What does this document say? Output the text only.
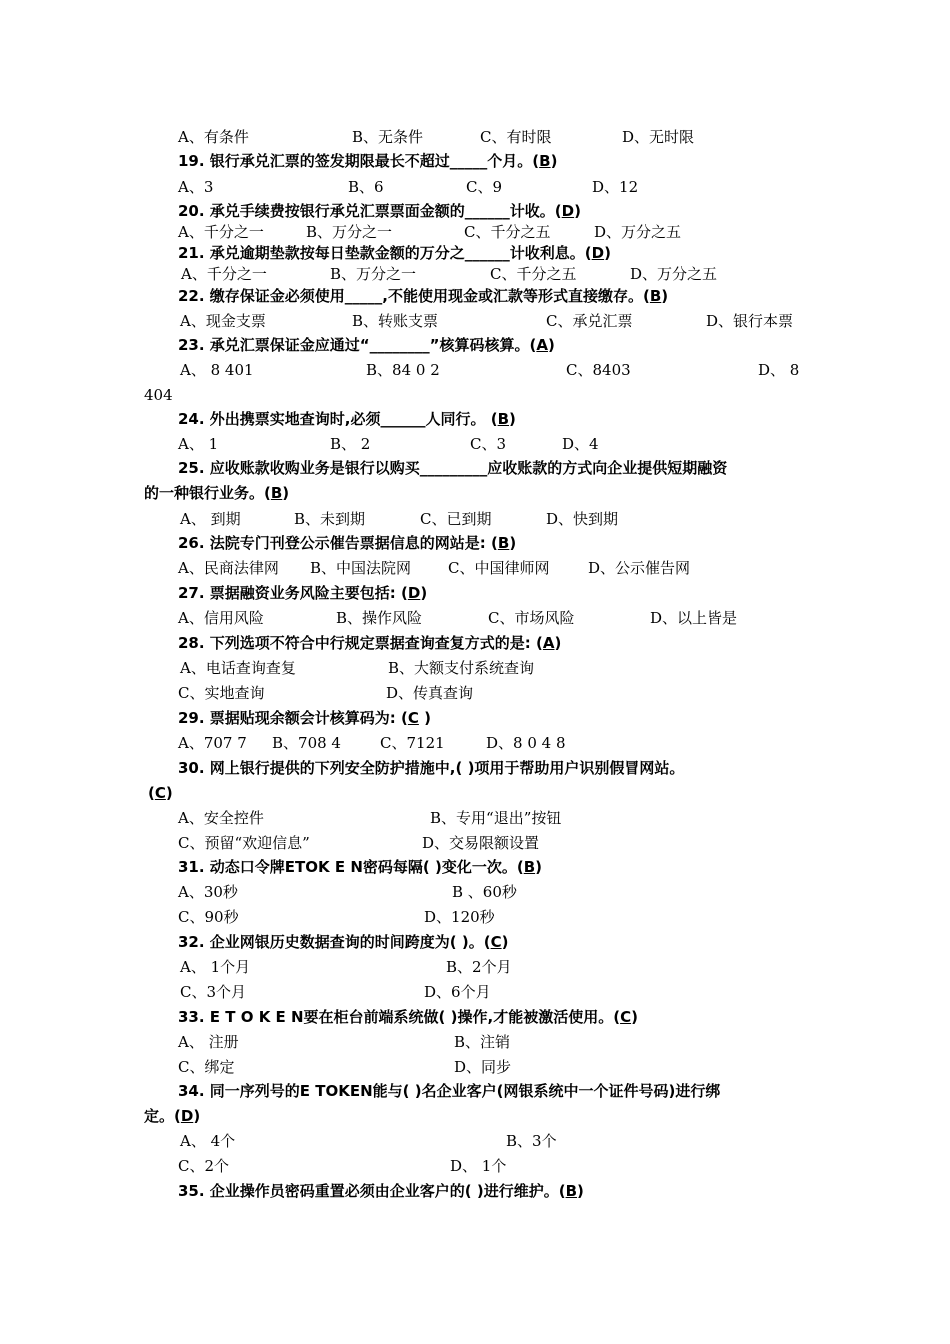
A、有条件	B、无条件	C、有时限	D、无时限
19. 银行承兑汇票的签发期限最长不超过_____个月。(B)
A、3	B、6	C、9	D、12
20. 承兑手续费按银行承兑汇票票面金额的______计收。(D)
A、千分之一	B、万分之一	C、千分之五	D、万分之五
21. 承兑逾期垫款按每日垫款金额的万分之______计收利息。(D)
A、千分之一	B、万分之一	C、千分之五	D、万分之五
22. 缴存保证金必须使用_____,不能使用现金或汇款等形式直接缴存。(B)
A、现金支票	B、转账支票	C、承兑汇票	D、银行本票
23. 承兑汇票保证金应通过“________”核算码核算。(A)
A、 8 401	B、84 0 2	C、8403	D、 8
404
24. 外出携票实地查询时,必须______人同行。 (B)
A、 1	B、 2	C、3	D、4
25. 应收账款收购业务是银行以购买_________应收账款的方式向企业提供短期融资
的一种银行业务。(B)
A、 到期	B、未到期	C、已到期	D、快到期
26. 法院专门刊登公示催告票据信息的网站是: (B)
A、民商法律网 B、中国法院网 C、中国律师网	D、公示催告网
27. 票据融资业务风险主要包括: (D)
A、信用风险	B、操作风险	C、市场风险	D、以上皆是
28. 下列选项不符合中行规定票据查询查复方式的是: (A)
A、电话查询查复	B、大额支付系统查询
C、实地查询	D、传真查询
29. 票据贴现余额会计核算码为: (C )
A、707 7 B、708 4	C、7121	D、8 0 4 8
30. 网上银行提供的下列安全防护措施中,( )项用于帮助用户识别假冒网站。
(C)
A、安全控件	B、专用“退出”按钮
C、预留“欢迎信息”	D、交易限额设置
31. 动态口令牌ETOK E N密码每隔( )变化一次。(B)
A、30秒	B 、60秒
C、90秒	D、120秒
32. 企业网银历史数据查询的时间跨度为( )。(C)
A、 1个月	B、2个月
C、3个月	D、6个月
33. E T O K E N要在柜台前端系统做( )操作,才能被激活使用。(C)
A、 注册	B、注销
C、绑定	D、同步
34. 同一序列号的E TOKEN能与( )名企业客户(网银系统中一个证件号码)进行绑
定。(D)
A、 4个	B、3个
C、2个	D、 1个
35. 企业操作员密码重置必须由企业客户的( )进行维护。(B)
